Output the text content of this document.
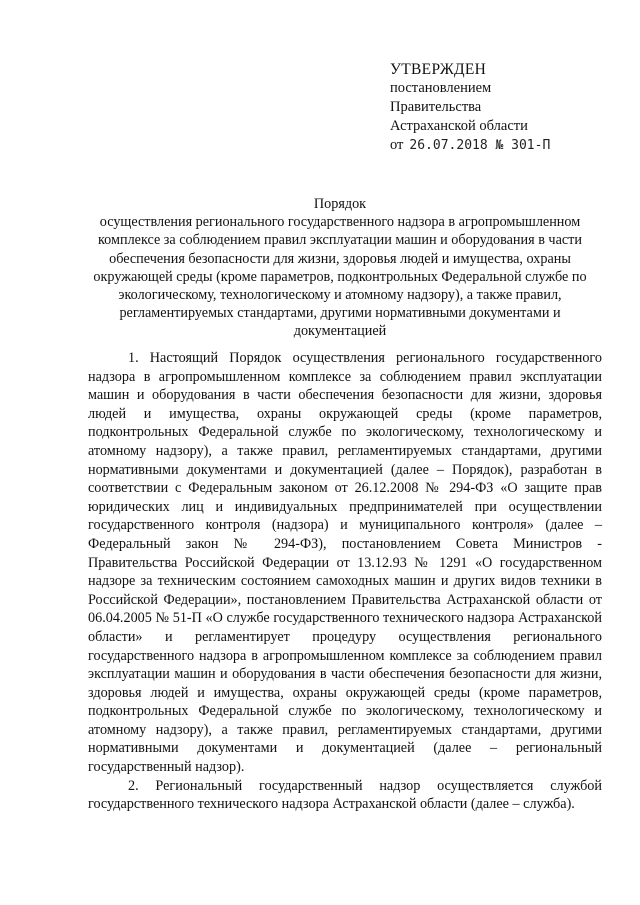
УТВЕРЖДЕН
постановлением
Правительства
Астраханской области
от 26.07.2018 № 301-П
Порядок
осуществления регионального государственного надзора в агропромышленном комплексе за соблюдением правил эксплуатации машин и оборудования в части обеспечения безопасности для жизни, здоровья людей и имущества, охраны окружающей среды (кроме параметров, подконтрольных Федеральной службе по экологическому, технологическому и атомному надзору), а также правил, регламентируемых стандартами, другими нормативными документами и документацией

1. Настоящий Порядок осуществления регионального государственного надзора в агропромышленном комплексе за соблюдением правил эксплуатации машин и оборудования в части обеспечения безопасности для жизни, здоровья людей и имущества, охраны окружающей среды (кроме параметров, подконтрольных Федеральной службе по экологическому, технологическому и атомному надзору), а также правил, регламентируемых стандартами, другими нормативными документами и документацией (далее – Порядок), разработан в соответствии с Федеральным законом от 26.12.2008 № 294-ФЗ «О защите прав юридических лиц и индивидуальных предпринимателей при осуществлении государственного контроля (надзора) и муниципального контроля» (далее – Федеральный закон № 294-ФЗ), постановлением Совета Министров - Правительства Российской Федерации от 13.12.93 № 1291 «О государственном надзоре за техническим состоянием самоходных машин и других видов техники в Российской Федерации», постановлением Правительства Астраханской области от 06.04.2005 № 51-П «О службе государственного технического надзора Астраханской области» и регламентирует процедуру осуществления регионального государственного надзора в агропромышленном комплексе за соблюдением правил эксплуатации машин и оборудования в части обеспечения безопасности для жизни, здоровья людей и имущества, охраны окружающей среды (кроме параметров, подконтрольных Федеральной службе по экологическому, технологическому и атомному надзору), а также правил, регламентируемых стандартами, другими нормативными документами и документацией (далее – региональный государственный надзор).

2. Региональный государственный надзор осуществляется службой государственного технического надзора Астраханской области (далее – служба).
